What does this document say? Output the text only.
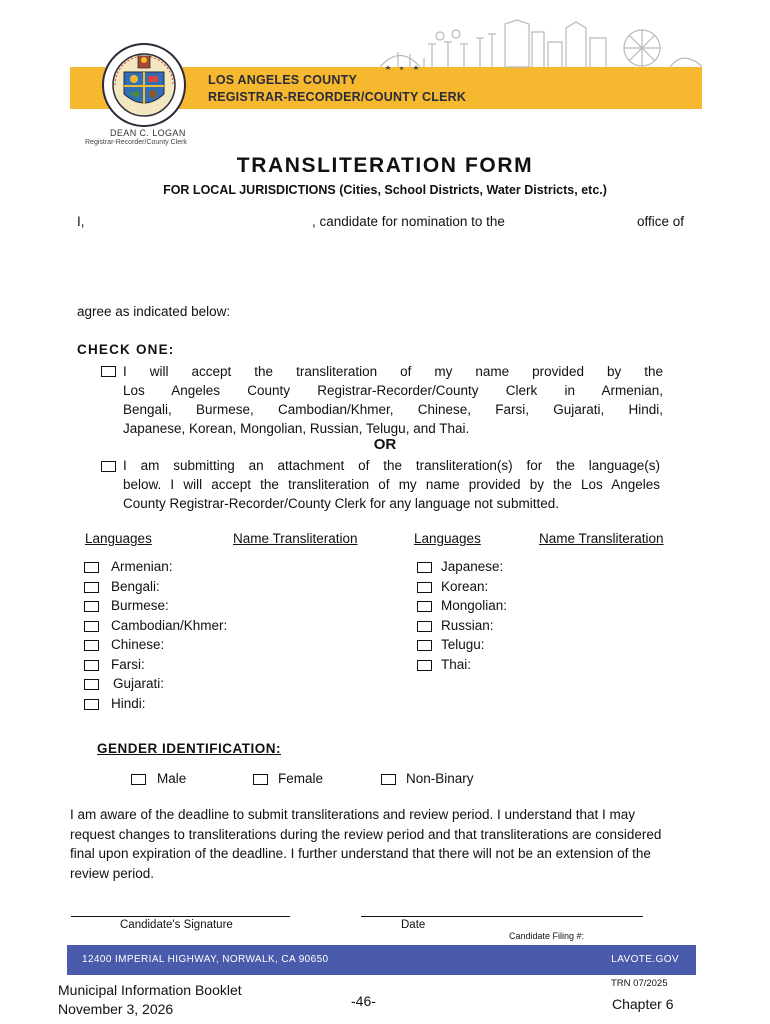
LOS ANGELES COUNTY
REGISTRAR-RECORDER/COUNTY CLERK
DEAN C. LOGAN
Registrar-Recorder/County Clerk
TRANSLITERATION FORM
FOR LOCAL JURISDICTIONS (Cities, School Districts, Water Districts, etc.)
I,	, candidate for nomination to the	office of
agree as indicated below:
CHECK ONE:
I will accept the transliteration of my name provided by the
Los Angeles County Registrar-Recorder/County Clerk in Armenian,
Bengali, Burmese, Cambodian/Khmer, Chinese, Farsi, Gujarati, Hindi,
Japanese, Korean, Mongolian, Russian, Telugu, and Thai.
OR
I am submitting an attachment of the transliteration(s) for the language(s)
below. I will accept the transliteration of my name provided by the Los Angeles
County Registrar-Recorder/County Clerk for any language not submitted.
Languages	Name Transliteration	Languages	Name Transliteration
Armenian:
Bengali:
Burmese:
Cambodian/Khmer:
Chinese:
Farsi:
Gujarati:
Hindi:
Japanese:
Korean:
Mongolian:
Russian:
Telugu:
Thai:
GENDER IDENTIFICATION:
Male	Female	Non-Binary
I am aware of the deadline to submit transliterations and review period. I understand that I may request changes to transliterations during the review period and that transliterations are considered final upon expiration of the deadline. I further understand that there will not be an extension of the review period.
Candidate's Signature	Date
Candidate Filing #:
12400 IMPERIAL HIGHWAY, NORWALK, CA 90650	LAVOTE.GOV
TRN 07/2025
Municipal Information Booklet
November 3, 2026	-46-	Chapter 6
